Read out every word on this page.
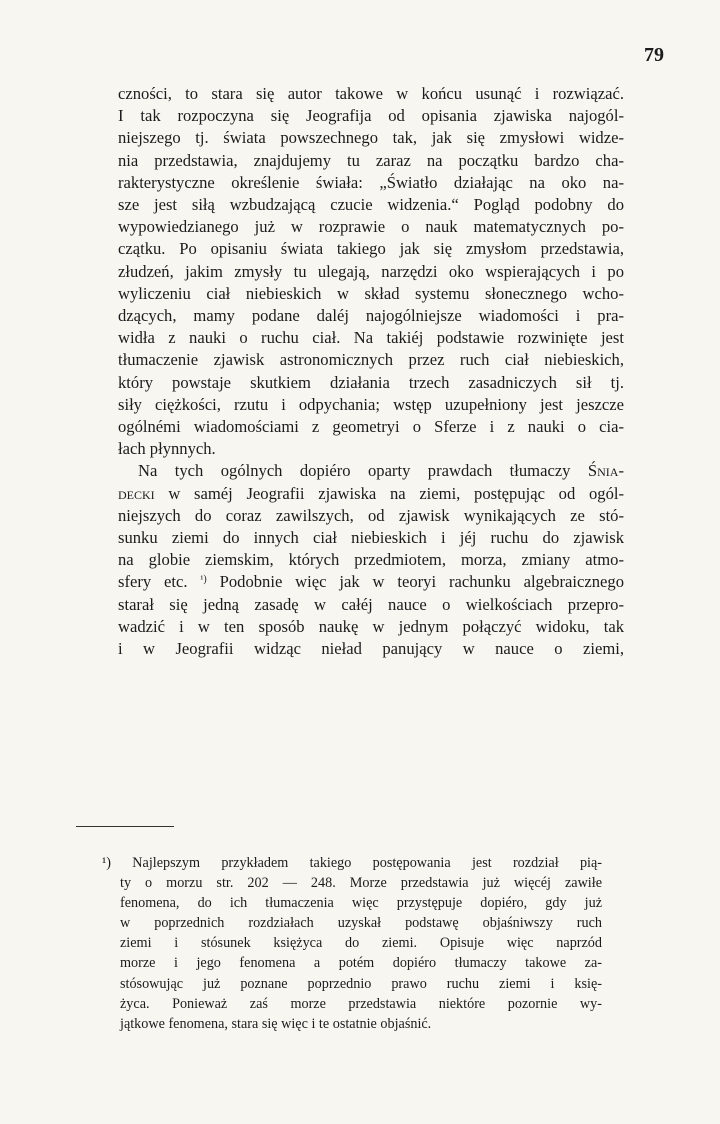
79
czności, to stara się autor takowe w końcu usunąć i rozwiązać.
I tak rozpoczyna się Jeografija od opisania zjawiska najogól-
niejszego tj. świata powszechnego tak, jak się zmysłowi widze-
nia przedstawia, znajdujemy tu zaraz na początku bardzo cha-
rakterystyczne określenie świała: „Światło działając na oko na-
sze jest siłą wzbudzającą czucie widzenia.“ Pogląd podobny do
wypowiedzianego już w rozprawie o nauk matematycznych po-
czątku. Po opisaniu świata takiego jak się zmysłom przedstawia,
złudzeń, jakim zmysły tu ulegają, narzędzi oko wspierających i po
wyliczeniu ciał niebieskich w skład systemu słonecznego wcho-
dzących, mamy podane daléj najogólniejsze wiadomości i pra-
widła z nauki o ruchu ciał. Na takiéj podstawie rozwinięte jest
tłumaczenie zjawisk astronomicznych przez ruch ciał niebieskich,
który powstaje skutkiem działania trzech zasadniczych sił tj.
siły ciężkości, rzutu i odpychania; wstęp uzupełniony jest jeszcze
ogólnémi wiadomościami z geometryi o Sferze i z nauki o cia-
łach płynnych.
Na tych ogólnych dopiéro oparty prawdach tłumaczy Śnia-
decki w saméj Jeografii zjawiska na ziemi, postępując od ogól-
niejszych do coraz zawilszych, od zjawisk wynikających ze stó-
sunku ziemi do innych ciał niebieskich i jéj ruchu do zjawisk
na globie ziemskim, których przedmiotem, morza, zmiany atmo-
sfery etc. $^{^1)}$ Podobnie więc jak w teoryi rachunku algebraicznego
starał się jedną zasadę w całéj nauce o wielkościach przepro-
wadzić i w ten sposób naukę w jednym połączyć widoku, tak
i w Jeografii widząc nieład panujący w nauce o ziemi,
¹) Najlepszym przykładem takiego postępowania jest rozdział pią-
ty o morzu str. 202 — 248. Morze przedstawia już więcéj zawiłe
fenomena, do ich tłumaczenia więc przystępuje dopiéro, gdy już
w poprzednich rozdziałach uzyskał podstawę objaśniwszy ruch
ziemi i stósunek księżyca do ziemi. Opisuje więc naprzód
morze i jego fenomena a potém dopiéro tłumaczy takowe za-
stósowując już poznane poprzednio prawo ruchu ziemi i księ-
życa. Ponieważ zaś morze przedstawia niektóre pozornie wy-
jątkowe fenomena, stara się więc i te ostatnie objaśnić.
